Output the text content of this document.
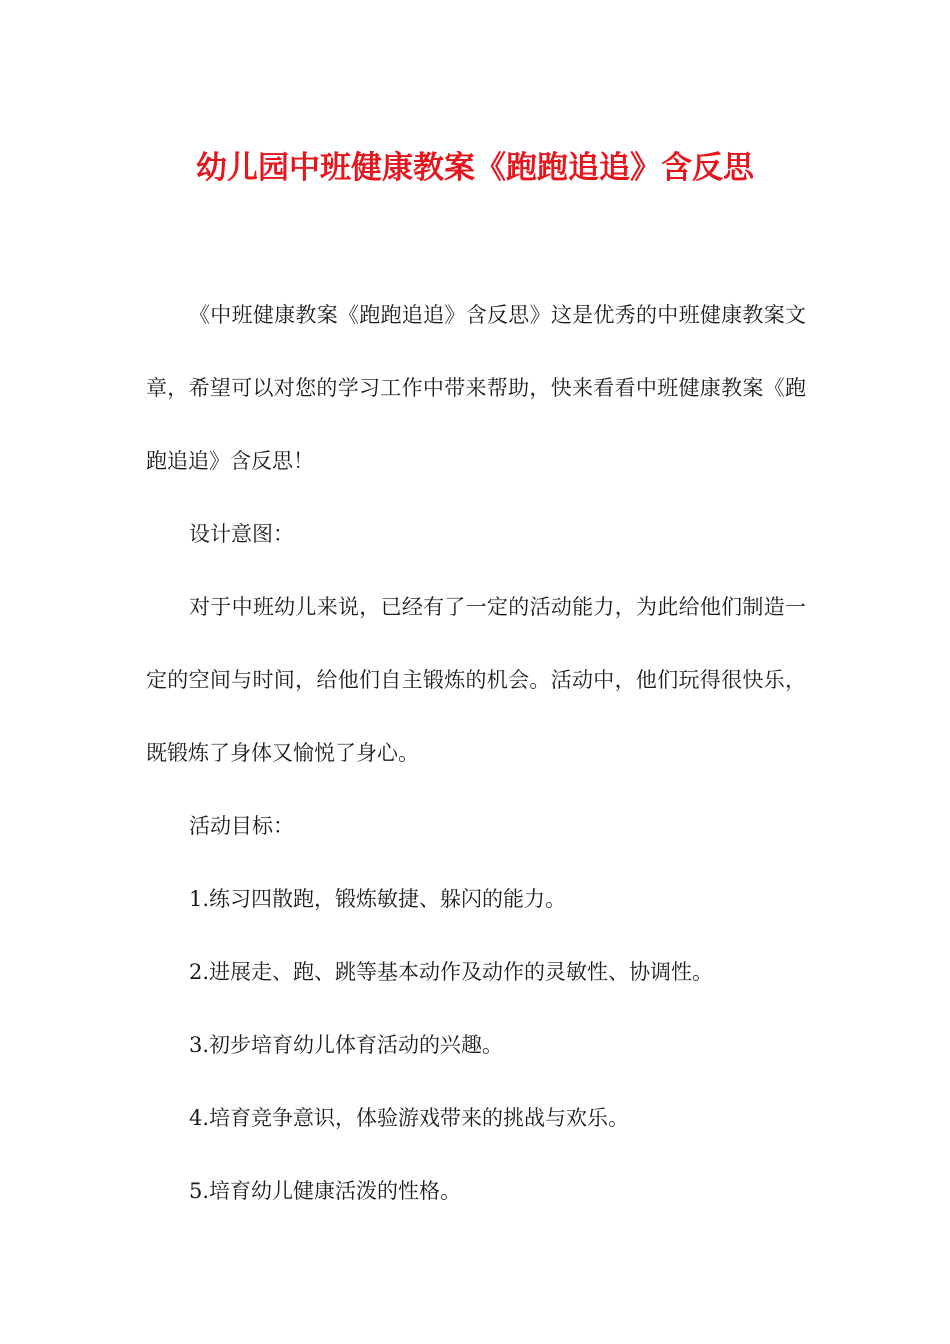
幼儿园中班健康教案《跑跑追追》含反思

《中班健康教案《跑跑追追》含反思》这是优秀的中班健康教案文章，希望可以对您的学习工作中带来帮助，快来看看中班健康教案《跑跑追追》含反思！

设计意图：

对于中班幼儿来说，已经有了一定的活动能力，为此给他们制造一定的空间与时间，给他们自主锻炼的机会。活动中，他们玩得很快乐，既锻炼了身体又愉悦了身心。

活动目标：

1.练习四散跑，锻炼敏捷、躲闪的能力。

2.进展走、跑、跳等基本动作及动作的灵敏性、协调性。

3.初步培育幼儿体育活动的兴趣。

4.培育竞争意识，体验游戏带来的挑战与欢乐。

5.培育幼儿健康活泼的性格。
